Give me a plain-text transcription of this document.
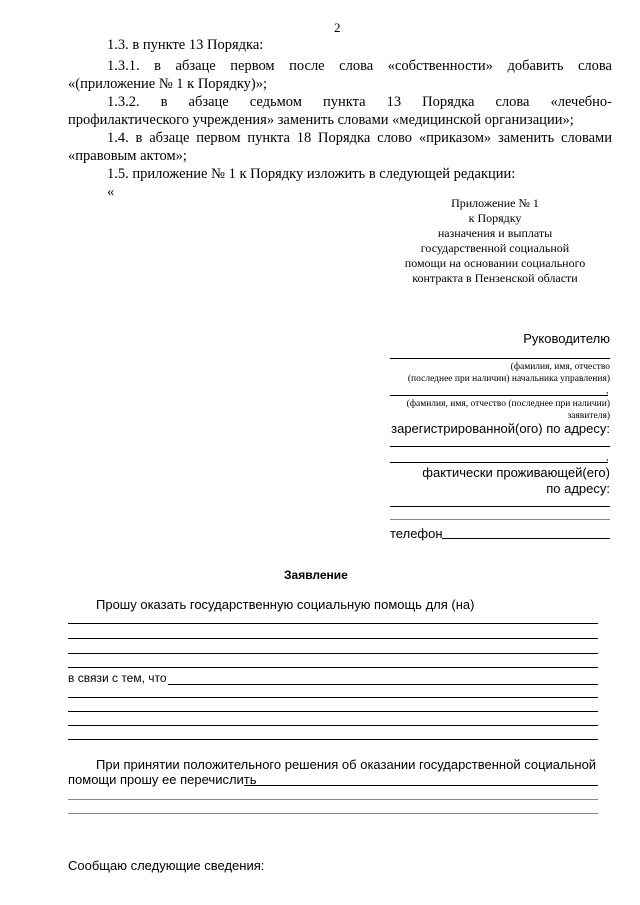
2
1.3. в пункте 13 Порядка:
1.3.1. в абзаце первом после слова «собственности» добавить слова
«(приложение № 1 к Порядку)»;
1.3.2. в абзаце седьмом пункта 13 Порядка слова «лечебно-
профилактического учреждения» заменить словами «медицинской организации»;
1.4. в абзаце первом пункта 18 Порядка слово «приказом» заменить словами
«правовым актом»;
1.5. приложение № 1 к Порядку изложить в следующей редакции:
«
Приложение № 1
к Порядку
назначения и выплаты
государственной социальной
помощи на основании социального
контракта в Пензенской области
Руководителю
(фамилия, имя, отчество
(последнее при наличии) начальника управления)
,
(фамилия, имя, отчество (последнее при наличии)
заявителя)
зарегистрированной(ого) по адресу:
,
фактически проживающей(его)
по адресу:
телефон
Заявление
Прошу оказать государственную социальную помощь для (на)
в связи с тем, что
При принятии положительного решения об оказании государственной социальной
помощи прошу ее перечислить
Сообщаю следующие сведения:
